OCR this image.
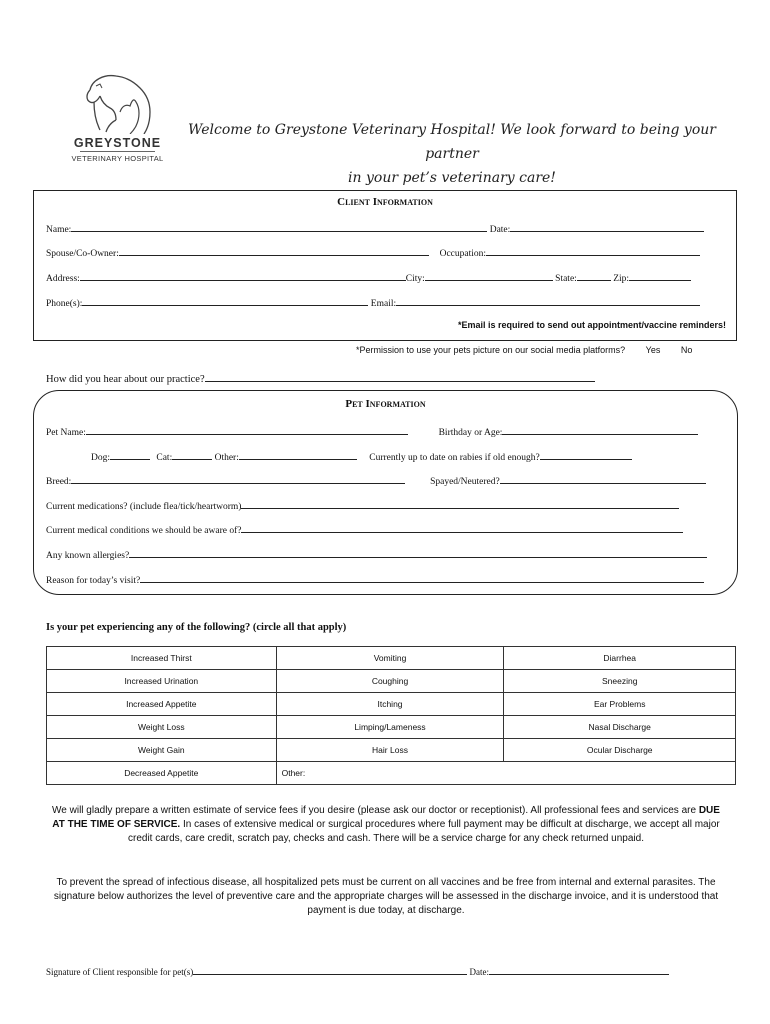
GREYSTONE
VETERINARY HOSPITAL
Welcome to Greystone Veterinary Hospital! We look forward to being your partner
in your pet’s veterinary care!
Client Information
Name:	Date:
Spouse/Co-Owner:	Occupation:
Address:	City:	State:	Zip:
Phone(s):	Email:
*Email is required to send out appointment/vaccine reminders!
*Permission to use your pets picture on our social media platforms? Yes No
How did you hear about our practice?
Pet Information
Pet Name:	Birthday or Age:
Dog:	Cat:	Other:	Currently up to date on rabies if old enough?
Breed:	Spayed/Neutered?
Current medications? (include flea/tick/heartworm)
Current medical conditions we should be aware of?
Any known allergies?
Reason for today’s visit?
Is your pet experiencing any of the following? (circle all that apply)
Increased Thirst	Vomiting	Diarrhea
Increased Urination	Coughing	Sneezing
Increased Appetite	Itching	Ear Problems
Weight Loss	Limping/Lameness	Nasal Discharge
Weight Gain	Hair Loss	Ocular Discharge
Decreased Appetite	Other:	
We will gladly prepare a written estimate of service fees if you desire (please ask our doctor or receptionist). All professional fees and services are DUE AT THE TIME OF SERVICE. In cases of extensive medical or surgical procedures where full payment may be difficult at discharge, we accept all major credit cards, care credit, scratch pay, checks and cash. There will be a service charge for any check returned unpaid.
To prevent the spread of infectious disease, all hospitalized pets must be current on all vaccines and be free from internal and external parasites. The signature below authorizes the level of preventive care and the appropriate charges will be assessed in the discharge invoice, and it is understood that payment is due today, at discharge.
Signature of Client responsible for pet(s)	Date:
